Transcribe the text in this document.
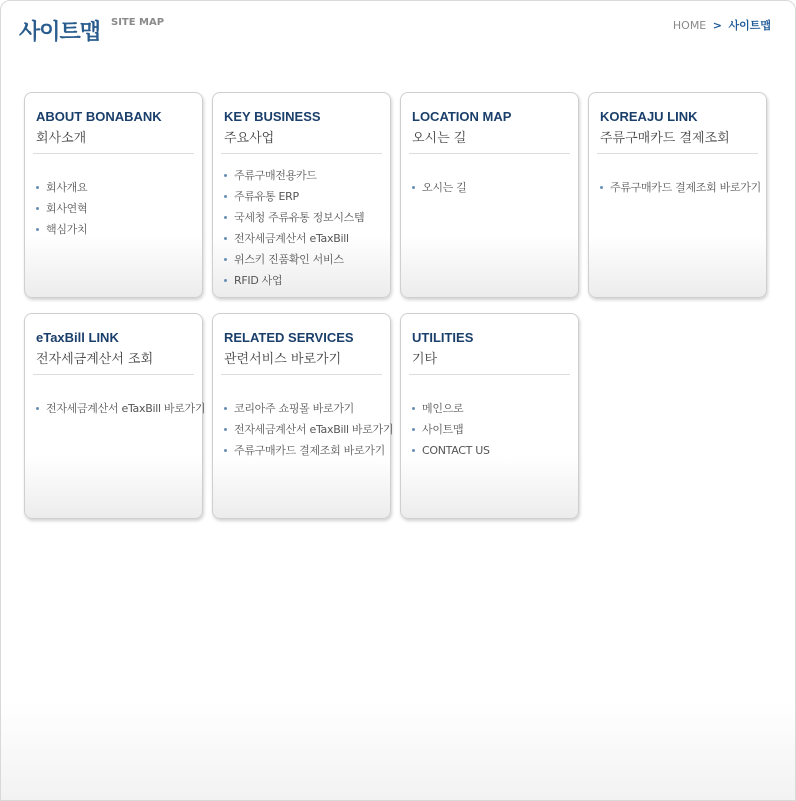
사이트맵 SITE MAP	HOME > 사이트맵
ABOUT BONABANK
회사소개
회사개요
회사연혁
핵심가치
KEY BUSINESS
주요사업
주류구매전용카드
주류유통 ERP
국세청 주류유통 정보시스템
전자세금계산서 eTaxBill
위스키 진품확인 서비스
RFID 사업
LOCATION MAP
오시는 길
오시는 길
KOREAJU LINK
주류구매카드 결제조회
주류구매카드 결제조회 바로가기
eTaxBill LINK
전자세금계산서 조회
전자세금계산서 eTaxBill 바로가기
RELATED SERVICES
관련서비스 바로가기
코리아주 쇼핑몰 바로가기
전자세금계산서 eTaxBill 바로가기
주류구매카드 결제조회 바로가기
UTILITIES
기타
메인으로
사이트맵
CONTACT US
